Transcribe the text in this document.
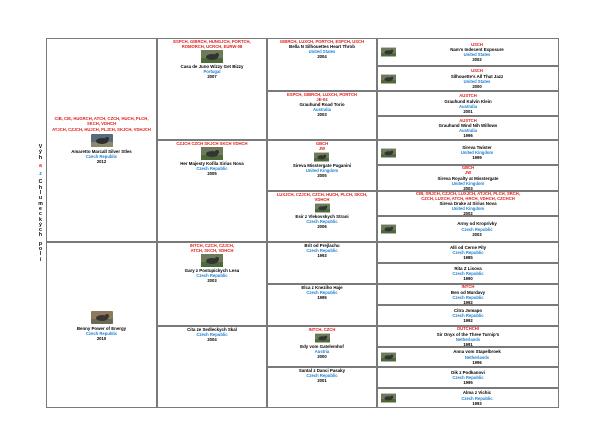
V
ý
h
a
z
C
h
l
u
m
e
c
k
ý
c
h
p
o
l
í
CIB, CIE, HUGRCH, ATCH, CZCH, HUCH, PLCH, SKCH, VDHCH
ATJCH, CZJCH, HUJCH, PLJCH, SKJCH, VDHJCH
Amaretto Marcall Silver Stles
Czech Republic
2012
Benny Power of Energy
Czech Republic
2010
ESPCH, GIBRCH, HUNGJCH, PORTCH,
ROMORCH, UCRCH, EURW-08
Casa de Juno Wizzy Get Bizzy
Portugal
2007
CZJCH CZCH SKJCH SKCH VDHCH
Her Majesty Kofila Sirius Nova
Czech Republic
2005
INTCH, CZCH, CZJCH,
ATCH, SKCH, VDHCH
Gary z Postupickych Lesu
Czech Republic
2003
Cita ze Sedleckych Skal
Czech Republic
2004
GIBRCH, LUXCH, PORTCH, ESPCH, USCH
Bella N Silhouettes Heart Throb
United States
2004
ESPCH, GIBRCH, LUXCH, PORTCH
JE-04
Grauhund Road Torio
Australia
2003
GBCH
JW
Sireva Misstergate Paganini
United Kingdom
2005
LUXJCH, CZJCH, CZCH, HUCH, PLCH, SKCH,
VDHCH
Esir z Vlekovskych Strani
Czech Republic
2006
Brit od Prejlachu
Czech Republic
1993
Elca z Kneziho Haje
Czech Republic
1995
INTCH, CZCH
Edy vom Gatelemhof
Austria
2000
Santal z Danci Pasaky
Czech Republic
2001
USCH
Nam's Indecent Exposure
United States
2002
USCH
Silhouette's All That Jazz
United States
2000
AUSTCH
Grauhund Kalvin Klein
Australia
2001
AUSTCH
Grauhund Wind Nih Willows
Australia
1996
Sireva Twister
United Kingdom
1999
GBCH
JW
Sireva Royalty at Misstergate
United Kingdom
2003
CIB, SRJCH, CZJCH, LUXJCH, ATJCH, PLCH, SRCH,
CZCH, LUXCH, ATCH, HRCH, VDHCH, CZCHCH
Sireva Drake at Sirius Nova
United Kingdom
2002
Army od Kroprivky
Czech Republic
2003
Alli od Cerne Pily
Czech Republic
1985
Rita Z Lisova
Czech Republic
1990
INTCH
Ben od Murdavy
Czech Republic
1992
Citra Jomapo
Czech Republic
1992
DUTCHCHI
Sir Onyx of the Three Turnip's
Netherlands
1991
Anna vom Stapelbroek
Netherlands
1996
Dik z Podkanovi
Czech Republic
1995
Alma z Vichic
Czech Republic
1993
